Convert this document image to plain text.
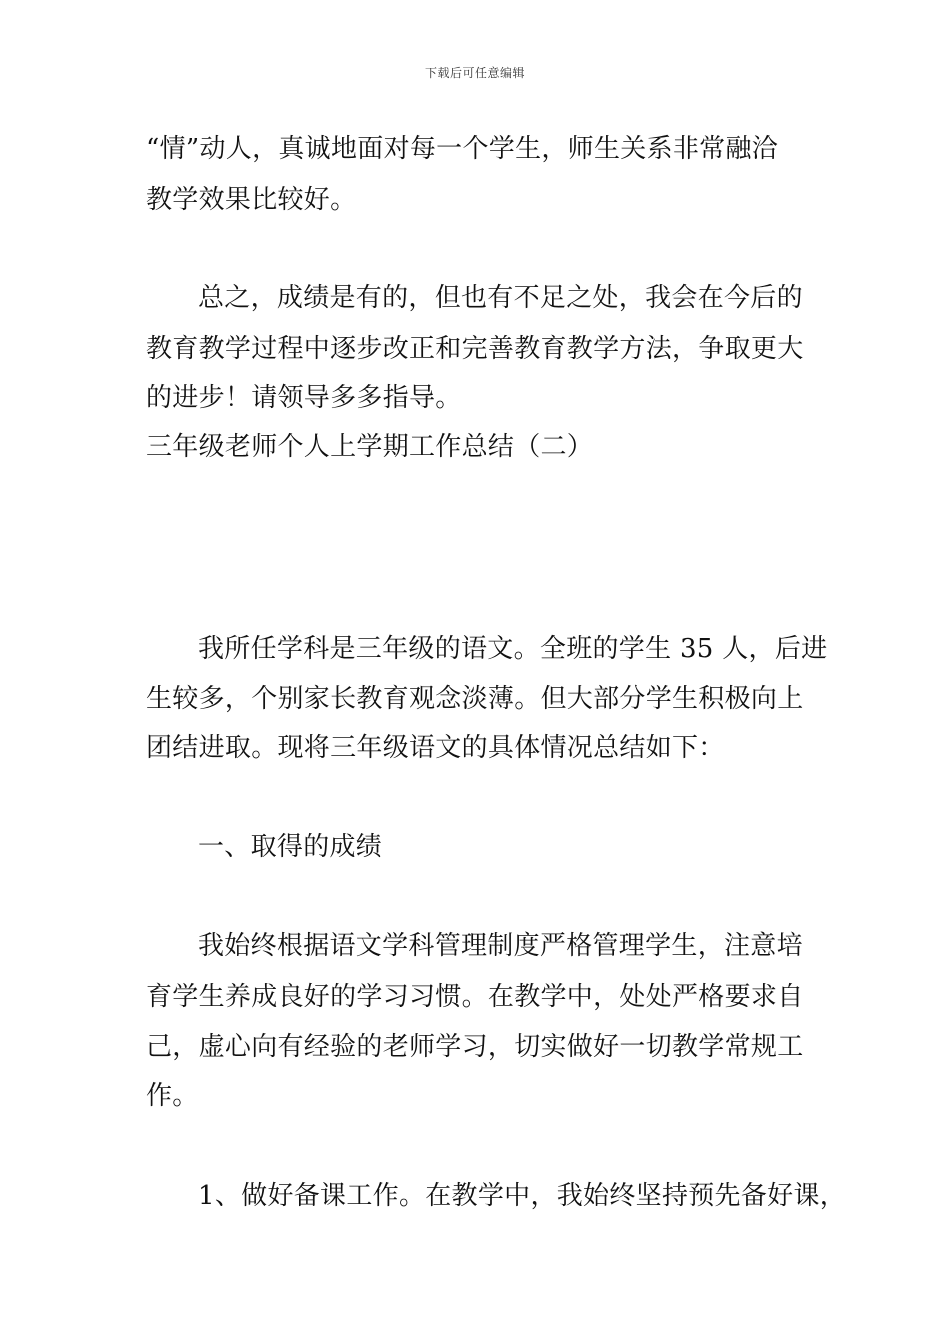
下载后可任意编辑
“情”动人，真诚地面对每一个学生，师生关系非常融洽
教学效果比较好。
总之，成绩是有的，但也有不足之处，我会在今后的
教育教学过程中逐步改正和完善教育教学方法，争取更大
的进步！请领导多多指导。
三年级老师个人上学期工作总结（二）
我所任学科是三年级的语文。全班的学生 35 人，后进
生较多，个别家长教育观念淡薄。但大部分学生积极向上
团结进取。现将三年级语文的具体情况总结如下：
一、取得的成绩
我始终根据语文学科管理制度严格管理学生，注意培
育学生养成良好的学习习惯。在教学中，处处严格要求自
己，虚心向有经验的老师学习，切实做好一切教学常规工
作。
1、做好备课工作。在教学中，我始终坚持预先备好课，
